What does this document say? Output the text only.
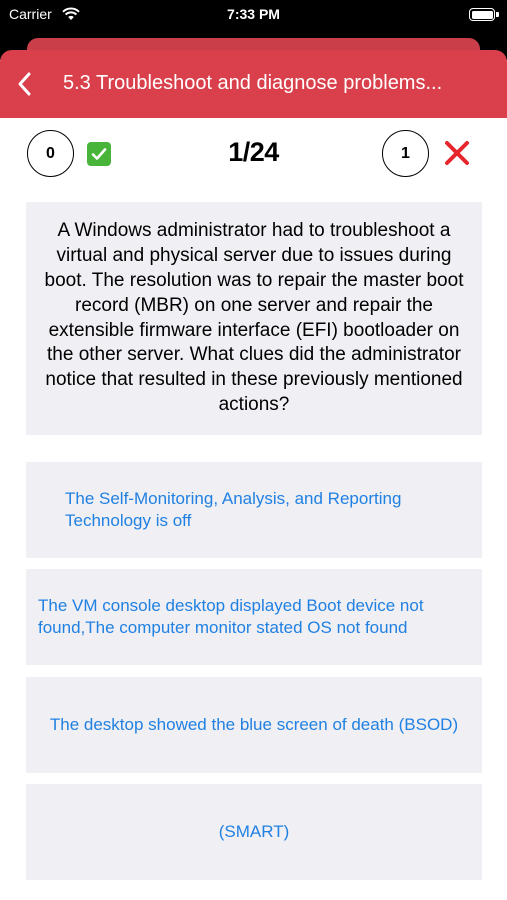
Carrier	7:33 PM
5.3 Troubleshoot and diagnose problems...
0	1/24	1
A Windows administrator had to troubleshoot a virtual and physical server due to issues during boot. The resolution was to repair the master boot record (MBR) on one server and repair the extensible firmware interface (EFI) bootloader on the other server. What clues did the administrator notice that resulted in these previously mentioned actions?
The Self-Monitoring, Analysis, and Reporting Technology is off
The VM console desktop displayed Boot device not found,The computer monitor stated OS not found
The desktop showed the blue screen of death (BSOD)
(SMART)
